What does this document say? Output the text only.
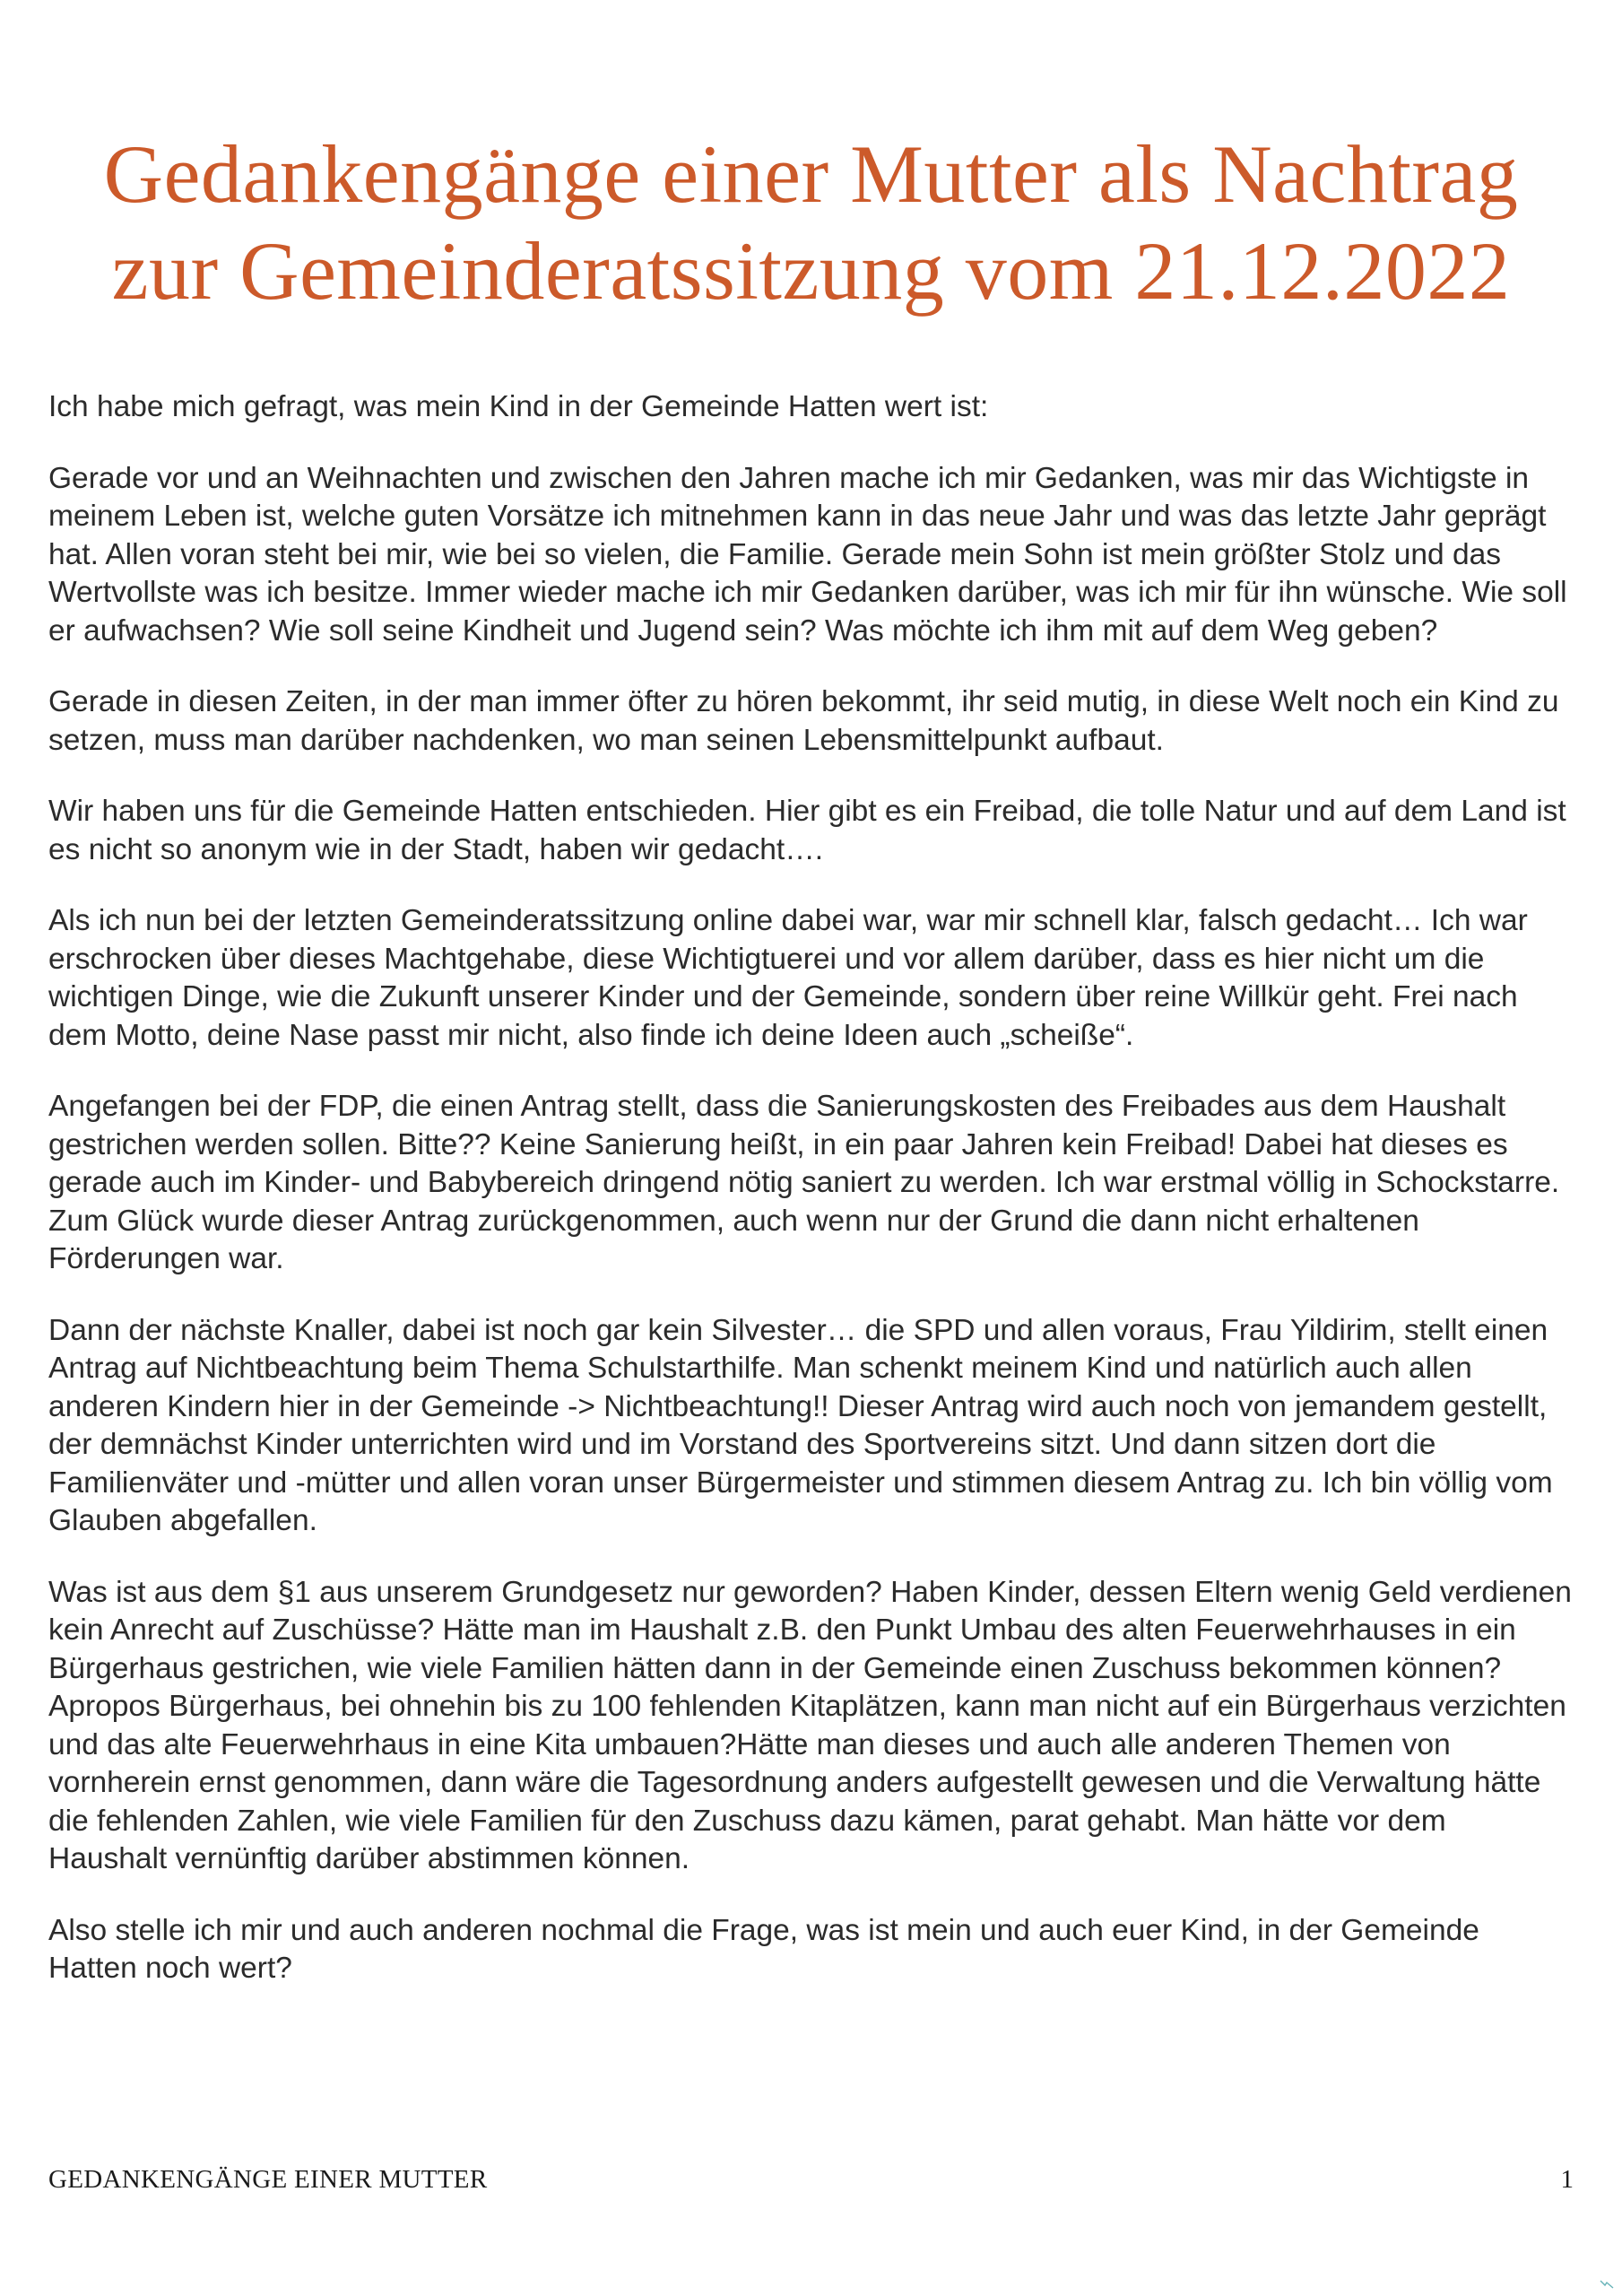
Gedankengänge einer Mutter als Nachtrag
zur Gemeinderatssitzung vom 21.12.2022

Ich habe mich gefragt, was mein Kind in der Gemeinde Hatten wert ist:

Gerade vor und an Weihnachten und zwischen den Jahren mache ich mir Gedanken, was mir das Wichtigste in meinem Leben ist, welche guten Vorsätze ich mitnehmen kann in das neue Jahr und was das letzte Jahr geprägt hat. Allen voran steht bei mir, wie bei so vielen, die Familie. Gerade mein Sohn ist mein größter Stolz und das Wertvollste was ich besitze. Immer wieder mache ich mir Gedanken darüber, was ich mir für ihn wünsche. Wie soll er aufwachsen? Wie soll seine Kindheit und Jugend sein? Was möchte ich ihm mit auf dem Weg geben?

Gerade in diesen Zeiten, in der man immer öfter zu hören bekommt, ihr seid mutig, in diese Welt noch ein Kind zu setzen, muss man darüber nachdenken, wo man seinen Lebensmittelpunkt aufbaut.

Wir haben uns für die Gemeinde Hatten entschieden. Hier gibt es ein Freibad, die tolle Natur und auf dem Land ist es nicht so anonym wie in der Stadt, haben wir gedacht….

Als ich nun bei der letzten Gemeinderatssitzung online dabei war, war mir schnell klar, falsch gedacht… Ich war erschrocken über dieses Machtgehabe, diese Wichtigtuerei und vor allem darüber, dass es hier nicht um die wichtigen Dinge, wie die Zukunft unserer Kinder und der Gemeinde, sondern über reine Willkür geht. Frei nach dem Motto, deine Nase passt mir nicht, also finde ich deine Ideen auch „scheiße“.

Angefangen bei der FDP, die einen Antrag stellt, dass die Sanierungskosten des Freibades aus dem Haushalt gestrichen werden sollen. Bitte?? Keine Sanierung heißt, in ein paar Jahren kein Freibad! Dabei hat dieses es gerade auch im Kinder- und Babybereich dringend nötig saniert zu werden. Ich war erstmal völlig in Schockstarre. Zum Glück wurde dieser Antrag zurückgenommen, auch wenn nur der Grund die dann nicht erhaltenen Förderungen war.

Dann der nächste Knaller, dabei ist noch gar kein Silvester… die SPD und allen voraus, Frau Yildirim, stellt einen Antrag auf Nichtbeachtung beim Thema Schulstarthilfe. Man schenkt meinem Kind und natürlich auch allen anderen Kindern hier in der Gemeinde -> Nichtbeachtung!! Dieser Antrag wird auch noch von jemandem gestellt, der demnächst Kinder unterrichten wird und im Vorstand des Sportvereins sitzt. Und dann sitzen dort die Familienväter und -mütter und allen voran unser Bürgermeister und stimmen diesem Antrag zu. Ich bin völlig vom Glauben abgefallen.

Was ist aus dem §1 aus unserem Grundgesetz nur geworden? Haben Kinder, dessen Eltern wenig Geld verdienen kein Anrecht auf Zuschüsse? Hätte man im Haushalt z.B. den Punkt Umbau des alten Feuerwehrhauses in ein Bürgerhaus gestrichen, wie viele Familien hätten dann in der Gemeinde einen Zuschuss bekommen können? Apropos Bürgerhaus, bei ohnehin bis zu 100 fehlenden Kitaplätzen, kann man nicht auf ein Bürgerhaus verzichten und das alte Feuerwehrhaus in eine Kita umbauen?Hätte man dieses und auch alle anderen Themen von vornherein ernst genommen, dann wäre die Tagesordnung anders aufgestellt gewesen und die Verwaltung hätte die fehlenden Zahlen, wie viele Familien für den Zuschuss dazu kämen, parat gehabt. Man hätte vor dem Haushalt vernünftig darüber abstimmen können.

Also stelle ich mir und auch anderen nochmal die Frage, was ist mein und auch euer Kind, in der Gemeinde Hatten noch wert?

GEDANKENGÄNGE EINER MUTTER	1
